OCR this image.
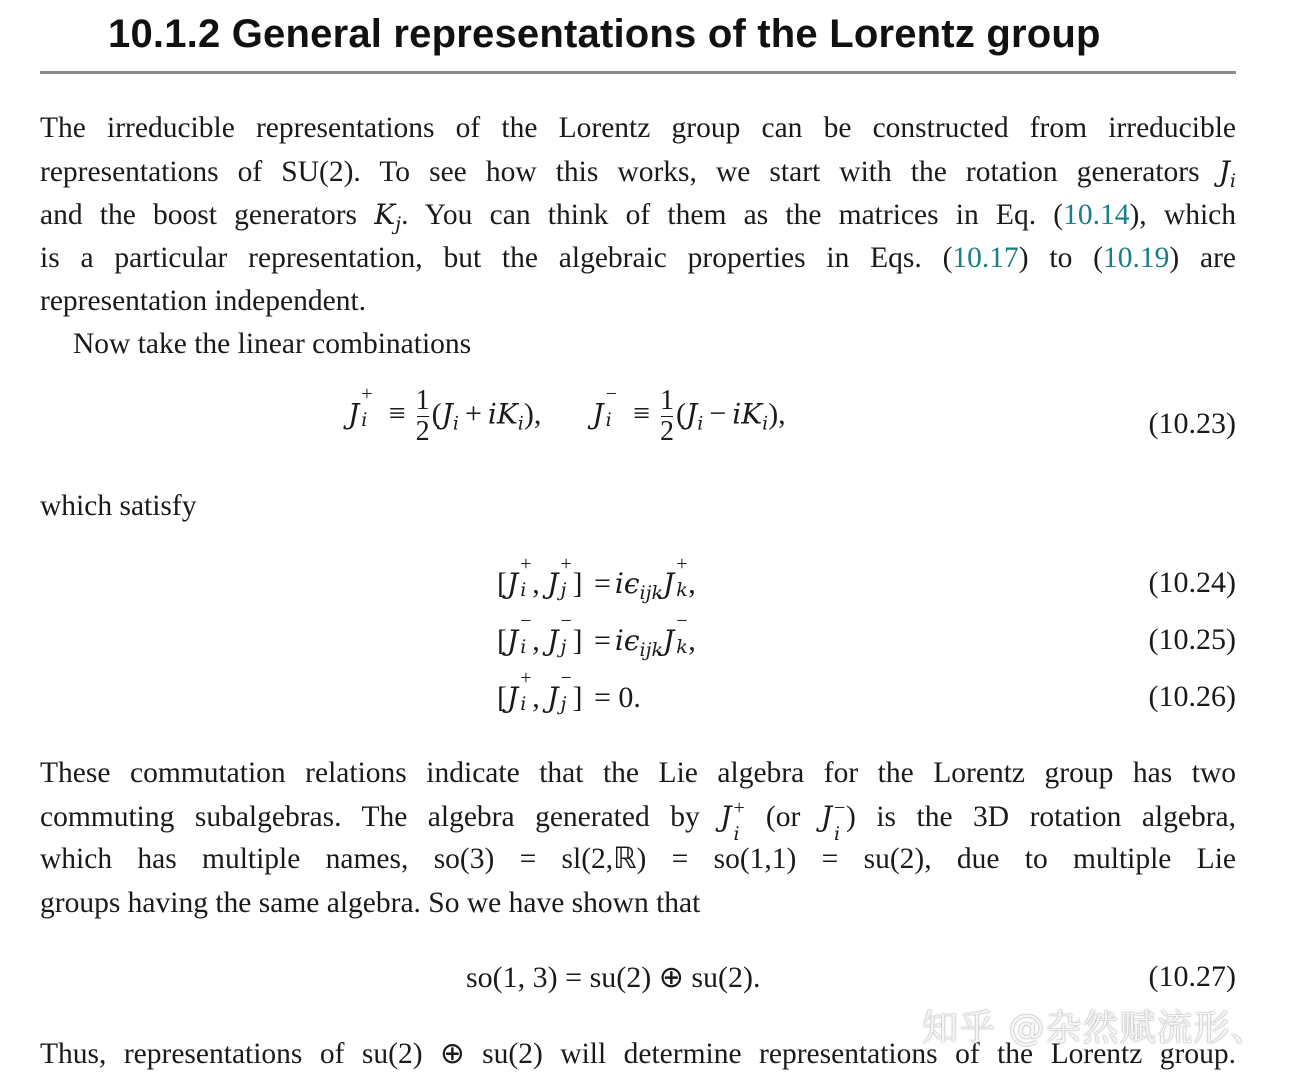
10.1.2 General representations of the Lorentz group
The irreducible representations of the Lorentz group can be constructed from irreducible
representations of SU(2). To see how this works, we start with the rotation generators $J_i$
and the boost generators $K_j$. You can think of them as the matrices in Eq. (10.14), which
is a particular representation, but the algebraic properties in Eqs. (10.17) to (10.19) are
representation independent.
Now take the linear combinations
J
+
$i \equiv \frac{1}{2} (J_i + iK_i)$, J
−
$i \equiv \frac{1}{2} (J_i - iK_i)$,	(10.23)
which satisfy
[J
+
i , J
+
j ] = $i\epsilon_{ijk}J$
+
k ,	(10.24)
[J
−
i , J
−
j ] = $i\epsilon_{ijk}J$
−
k ,	(10.25)
[J
+
i , J
−
j ] = 0.	(10.26)
These commutation relations indicate that the Lie algebra for the Lorentz group has two
commuting subalgebras. The algebra generated by J +
i
(or J −
i
) is the 3D rotation algebra,
which has multiple names, so(3) = sl(2,ℝ) = so(1,1) = su(2), due to multiple Lie
groups having the same algebra. So we have shown that
so(1, 3) = su(2) ⊕ su(2).	(10.27)
Thus, representations of su(2) ⊕ su(2) will determine representations of the Lorentz group.
知乎 @杂然赋流形、
